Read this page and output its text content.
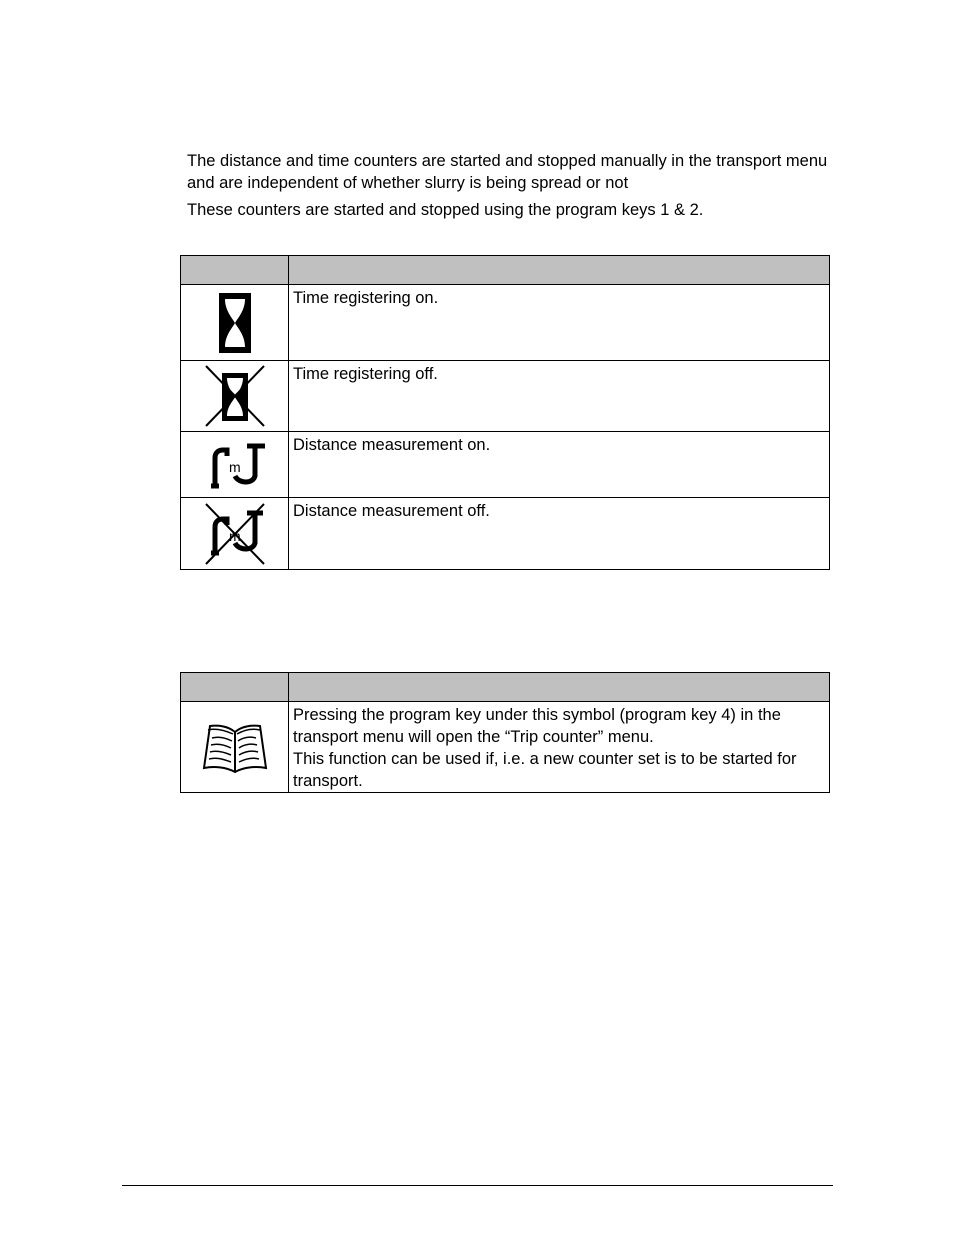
The distance and time counters are started and stopped manually in the transport menu and are independent of whether slurry is being spread or not

These counters are started and stopped using the program keys 1 & 2.

Time registering on.

Time registering off.

m	Distance measurement on.

m	Distance measurement off.

Pressing the program key under this symbol (program key 4) in the transport menu will open the “Trip counter” menu.

This function can be used if, i.e. a new counter set is to be started for transport.
